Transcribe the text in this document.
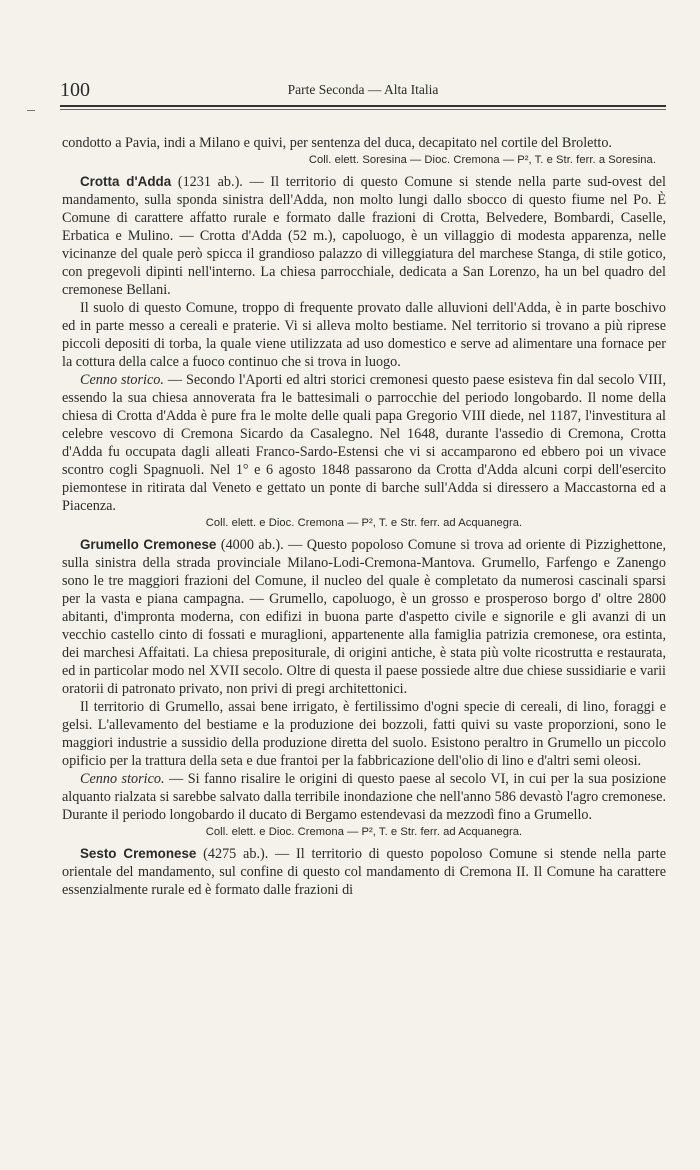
100	Parte Seconda — Alta Italia

condotto a Pavia, indi a Milano e quivi, per sentenza del duca, decapitato nel cortile del Broletto.

Coll. elett. Soresina — Dioc. Cremona — P², T. e Str. ferr. a Soresina.

Crotta d'Adda (1231 ab.). — Il territorio di questo Comune si stende nella parte sud-ovest del mandamento, sulla sponda sinistra dell'Adda, non molto lungi dallo sbocco di questo fiume nel Po. È Comune di carattere affatto rurale e formato dalle frazioni di Crotta, Belvedere, Bombardi, Caselle, Erbatica e Mulino. — Crotta d'Adda (52 m.), capoluogo, è un villaggio di modesta apparenza, nelle vicinanze del quale però spicca il grandioso palazzo di villeggiatura del marchese Stanga, di stile gotico, con pregevoli dipinti nell'interno. La chiesa parrocchiale, dedicata a San Lorenzo, ha un bel quadro del cremonese Bellani.

Il suolo di questo Comune, troppo di frequente provato dalle alluvioni dell'Adda, è in parte boschivo ed in parte messo a cereali e praterie. Vi si alleva molto bestiame. Nel territorio si trovano a più riprese piccoli depositi di torba, la quale viene utilizzata ad uso domestico e serve ad alimentare una fornace per la cottura della calce a fuoco continuo che si trova in luogo.

Cenno storico. — Secondo l'Aporti ed altri storici cremonesi questo paese esisteva fin dal secolo VIII, essendo la sua chiesa annoverata fra le battesimali o parrocchie del periodo longobardo. Il nome della chiesa di Crotta d'Adda è pure fra le molte delle quali papa Gregorio VIII diede, nel 1187, l'investitura al celebre vescovo di Cremona Sicardo da Casalegno. Nel 1648, durante l'assedio di Cremona, Crotta d'Adda fu occupata dagli alleati Franco-Sardo-Estensi che vi si accamparono ed ebbero poi un vivace scontro cogli Spagnuoli. Nel 1° e 6 agosto 1848 passarono da Crotta d'Adda alcuni corpi dell'esercito piemontese in ritirata dal Veneto e gettato un ponte di barche sull'Adda si diressero a Maccastorna ed a Piacenza.

Coll. elett. e Dioc. Cremona — P², T. e Str. ferr. ad Acquanegra.

Grumello Cremonese (4000 ab.). — Questo popoloso Comune si trova ad oriente di Pizzighettone, sulla sinistra della strada provinciale Milano-Lodi-Cremona-Mantova. Grumello, Farfengo e Zanengo sono le tre maggiori frazioni del Comune, il nucleo del quale è completato da numerosi cascinali sparsi per la vasta e piana campagna. — Grumello, capoluogo, è un grosso e prosperoso borgo d' oltre 2800 abitanti, d'impronta moderna, con edifizi in buona parte d'aspetto civile e signorile e gli avanzi di un vecchio castello cinto di fossati e muraglioni, appartenente alla famiglia patrizia cremonese, ora estinta, dei marchesi Affaitati. La chiesa prepositurale, di origini antiche, è stata più volte ricostrutta e restaurata, ed in particolar modo nel XVII secolo. Oltre di questa il paese possiede altre due chiese sussidiarie e varii oratorii di patronato privato, non privi di pregi architettonici.

Il territorio di Grumello, assai bene irrigato, è fertilissimo d'ogni specie di cereali, di lino, foraggi e gelsi. L'allevamento del bestiame e la produzione dei bozzoli, fatti quivi su vaste proporzioni, sono le maggiori industrie a sussidio della produzione diretta del suolo. Esistono peraltro in Grumello un piccolo opificio per la trattura della seta e due frantoi per la fabbricazione dell'olio di lino e d'altri semi oleosi.

Cenno storico. — Si fanno risalire le origini di questo paese al secolo VI, in cui per la sua posizione alquanto rialzata si sarebbe salvato dalla terribile inondazione che nell'anno 586 devastò l'agro cremonese. Durante il periodo longobardo il ducato di Bergamo estendevasi da mezzodì fino a Grumello.

Coll. elett. e Dioc. Cremona — P², T. e Str. ferr. ad Acquanegra.

Sesto Cremonese (4275 ab.). — Il territorio di questo popoloso Comune si stende nella parte orientale del mandamento, sul confine di questo col mandamento di Cremona II. Il Comune ha carattere essenzialmente rurale ed è formato dalle frazioni di
